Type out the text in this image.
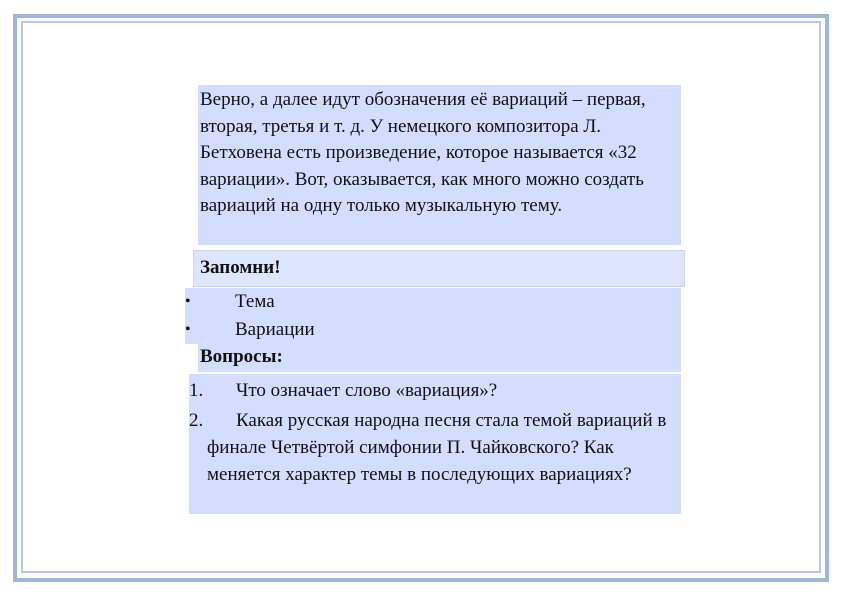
Верно, а далее идут обозначения её вариаций – первая, вторая, третья и т. д. У немецкого композитора Л. Бетховена есть произведение, которое называется «32 вариации». Вот, оказывается, как много можно создать вариаций на одну только музыкальную тему.
Запомни!
•	Тема
•	Вариации
Вопросы:
1.	Что означает слово «вариация»?
2.	Какая русская народна песня стала темой вариаций в финале Четвёртой симфонии П. Чайковского? Как меняется характер темы в последующих вариациях?
